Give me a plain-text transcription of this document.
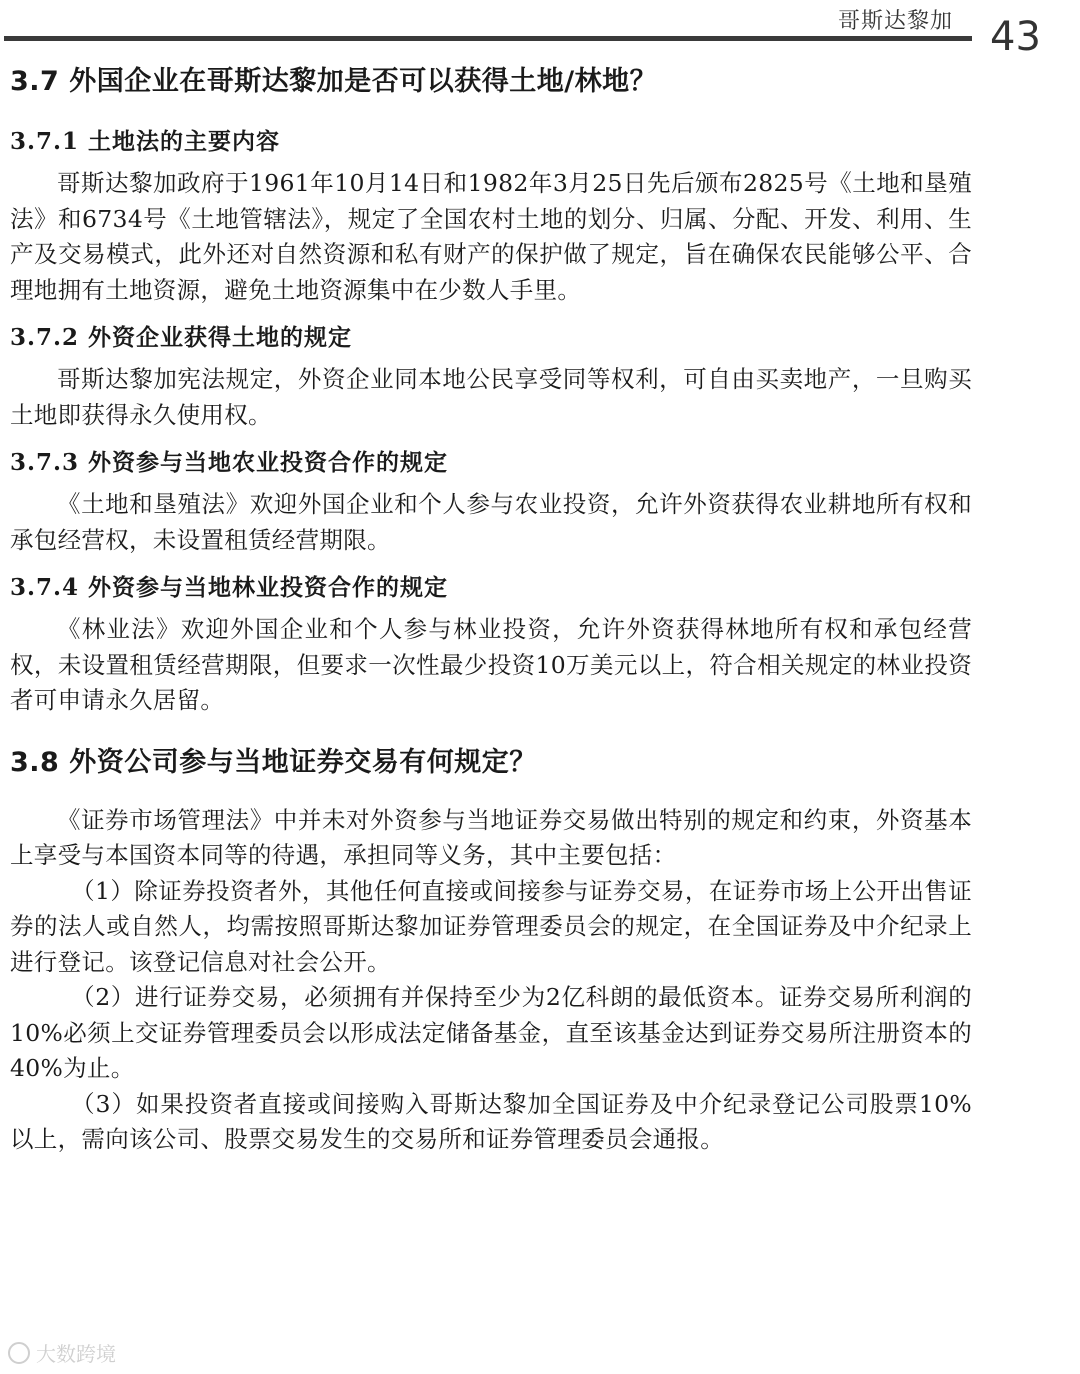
哥斯达黎加 43
3.7 外国企业在哥斯达黎加是否可以获得土地/林地？
3.7.1 土地法的主要内容

哥斯达黎加政府于1961年10月14日和1982年3月25日先后颁布2825号《土地和垦殖法》和6734号《土地管辖法》，规定了全国农村土地的划分、归属、分配、开发、利用、生产及交易模式，此外还对自然资源和私有财产的保护做了规定，旨在确保农民能够公平、合理地拥有土地资源，避免土地资源集中在少数人手里。

3.7.2 外资企业获得土地的规定

哥斯达黎加宪法规定，外资企业同本地公民享受同等权利，可自由买卖地产，一旦购买土地即获得永久使用权。

3.7.3 外资参与当地农业投资合作的规定

《土地和垦殖法》欢迎外国企业和个人参与农业投资，允许外资获得农业耕地所有权和承包经营权，未设置租赁经营期限。

3.7.4 外资参与当地林业投资合作的规定

《林业法》欢迎外国企业和个人参与林业投资，允许外资获得林地所有权和承包经营权，未设置租赁经营期限，但要求一次性最少投资10万美元以上，符合相关规定的林业投资者可申请永久居留。

3.8 外资公司参与当地证券交易有何规定？

《证券市场管理法》中并未对外资参与当地证券交易做出特别的规定和约束，外资基本上享受与本国资本同等的待遇，承担同等义务，其中主要包括：

（1）除证券投资者外，其他任何直接或间接参与证券交易，在证券市场上公开出售证券的法人或自然人，均需按照哥斯达黎加证券管理委员会的规定，在全国证券及中介纪录上进行登记。该登记信息对社会公开。

（2）进行证券交易，必须拥有并保持至少为2亿科朗的最低资本。证券交易所利润的10%必须上交证券管理委员会以形成法定储备基金，直至该基金达到证券交易所注册资本的40%为止。

（3）如果投资者直接或间接购入哥斯达黎加全国证券及中介纪录登记公司股票10%以上，需向该公司、股票交易发生的交易所和证券管理委员会通报。

大数跨境
